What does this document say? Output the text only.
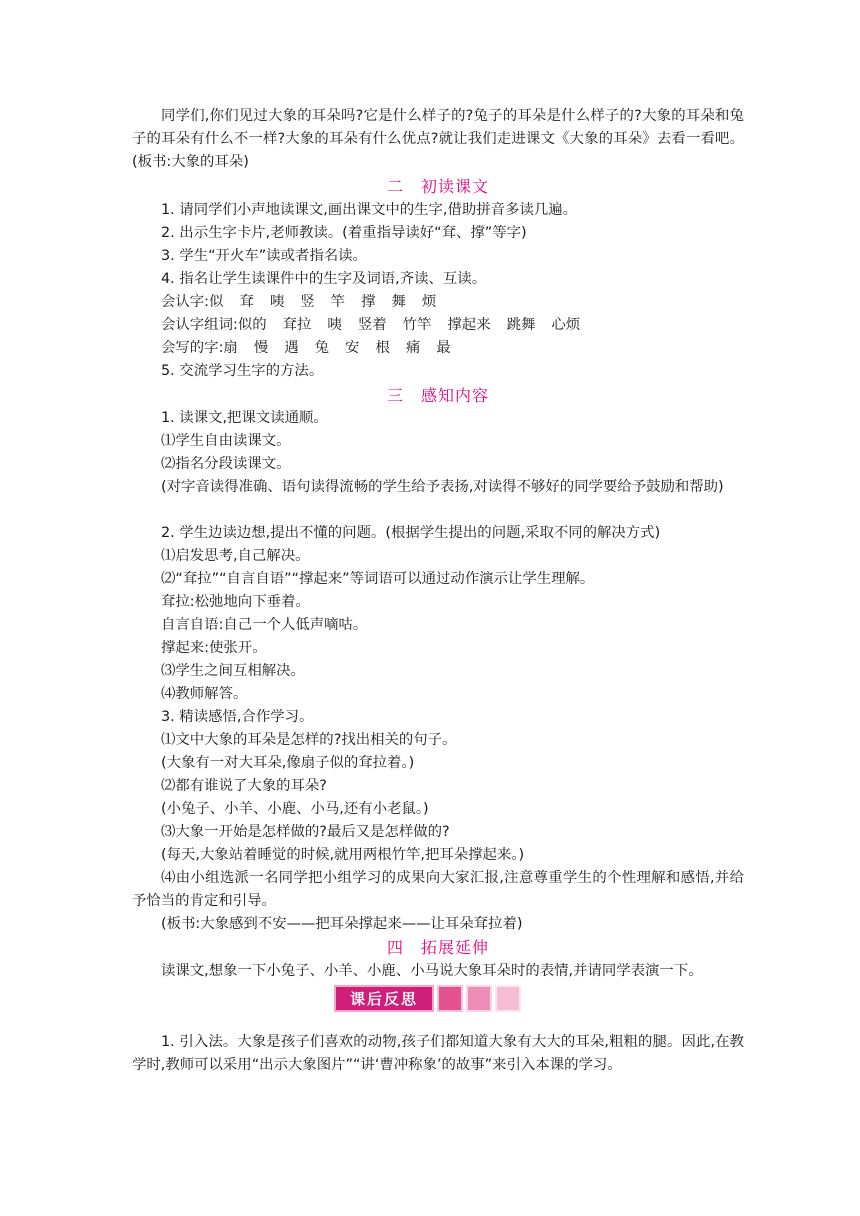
同学们,你们见过大象的耳朵吗?它是什么样子的?兔子的耳朵是什么样子的?大象的耳朵和兔子的耳朵有什么不一样?大象的耳朵有什么优点?就让我们走进课文《大象的耳朵》去看一看吧。(板书:大象的耳朵)
二　初读课文
1. 请同学们小声地读课文,画出课文中的生字,借助拼音多读几遍。
2. 出示生字卡片,老师教读。(着重指导读好“耷、撑”等字)
3. 学生“开火车”读或者指名读。
4. 指名让学生读课件中的生字及词语,齐读、互读。
会认字:似 耷 咦 竖 竿 撑 舞 烦
会认字组词:似的 耷拉 咦 竖着 竹竿 撑起来 跳舞 心烦
会写的字:扇 慢 遇 兔 安 根 痛 最
5. 交流学习生字的方法。
三　感知内容
1. 读课文,把课文读通顺。
⑴学生自由读课文。
⑵指名分段读课文。
(对字音读得准确、语句读得流畅的学生给予表扬,对读得不够好的同学要给予鼓励和帮助)
2. 学生边读边想,提出不懂的问题。(根据学生提出的问题,采取不同的解决方式)
⑴启发思考,自己解决。
⑵“耷拉”“自言自语”“撑起来”等词语可以通过动作演示让学生理解。
耷拉:松弛地向下垂着。
自言自语:自己一个人低声嘀咕。
撑起来:使张开。
⑶学生之间互相解决。
⑷教师解答。
3. 精读感悟,合作学习。
⑴文中大象的耳朵是怎样的?找出相关的句子。
(大象有一对大耳朵,像扇子似的耷拉着。)
⑵都有谁说了大象的耳朵?
(小兔子、小羊、小鹿、小马,还有小老鼠。)
⑶大象一开始是怎样做的?最后又是怎样做的?
(每天,大象站着睡觉的时候,就用两根竹竿,把耳朵撑起来。)
⑷由小组选派一名同学把小组学习的成果向大家汇报,注意尊重学生的个性理解和感悟,并给予恰当的肯定和引导。
(板书:大象感到不安——把耳朵撑起来——让耳朵耷拉着)
四　拓展延伸
读课文,想象一下小兔子、小羊、小鹿、小马说大象耳朵时的表情,并请同学表演一下。
课后反思
1. 引入法。大象是孩子们喜欢的动物,孩子们都知道大象有大大的耳朵,粗粗的腿。因此,在教学时,教师可以采用“出示大象图片”“讲‘曹冲称象’的故事”来引入本课的学习。
